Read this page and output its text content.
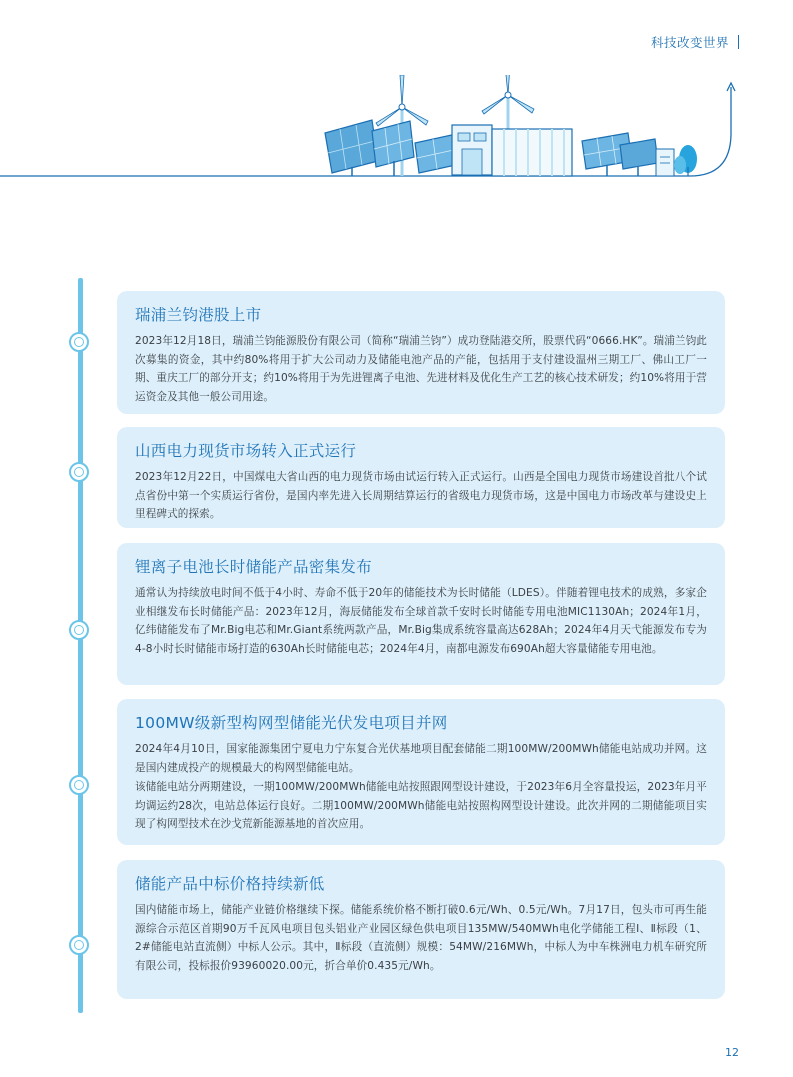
科技改变世界
瑞浦兰钧港股上市

2023年12月18日，瑞浦兰钧能源股份有限公司（简称“瑞浦兰钧”）成功登陆港交所，股票代码“0666.HK”。瑞浦兰钧此次募集的资金，其中约80%将用于扩大公司动力及储能电池产品的产能，包括用于支付建设温州三期工厂、佛山工厂一期、重庆工厂的部分开支；约10%将用于为先进锂离子电池、先进材料及优化生产工艺的核心技术研发；约10%将用于营运资金及其他一般公司用途。

山西电力现货市场转入正式运行

2023年12月22日，中国煤电大省山西的电力现货市场由试运行转入正式运行。山西是全国电力现货市场建设首批八个试点省份中第一个实质运行省份，是国内率先进入长周期结算运行的省级电力现货市场，这是中国电力市场改革与建设史上里程碑式的探索。

锂离子电池长时储能产品密集发布

通常认为持续放电时间不低于4小时、寿命不低于20年的储能技术为长时储能（LDES）。伴随着锂电技术的成熟，多家企业相继发布长时储能产品：2023年12月，海辰储能发布全球首款千安时长时储能专用电池MIC1130Ah；2024年1月，亿纬储能发布了Mr.Big电芯和Mr.Giant系统两款产品，Mr.Big集成系统容量高达628Ah；2024年4月天弋能源发布专为4-8小时长时储能市场打造的630Ah长时储能电芯；2024年4月，南都电源发布690Ah超大容量储能专用电池。

100MW级新型构网型储能光伏发电项目并网

2024年4月10日，国家能源集团宁夏电力宁东复合光伏基地项目配套储能二期100MW/200MWh储能电站成功并网。这是国内建成投产的规模最大的构网型储能电站。

该储能电站分两期建设，一期100MW/200MWh储能电站按照跟网型设计建设，于2023年6月全容量投运，2023年月平均调运约28次，电站总体运行良好。二期100MW/200MWh储能电站按照构网型设计建设。此次并网的二期储能项目实现了构网型技术在沙戈荒新能源基地的首次应用。

储能产品中标价格持续新低

国内储能市场上，储能产业链价格继续下探。储能系统价格不断打破0.6元/Wh、0.5元/Wh。7月17日，包头市可再生能源综合示范区首期90万千瓦风电项目包头铝业产业园区绿色供电项目135MW/540MWh电化学储能工程Ⅰ、Ⅱ标段（1、2#储能电站直流侧）中标人公示。其中，Ⅱ标段（直流侧）规模：54MW/216MWh，中标人为中车株洲电力机车研究所有限公司，投标报价93960020.00元，折合单价0.435元/Wh。

12
